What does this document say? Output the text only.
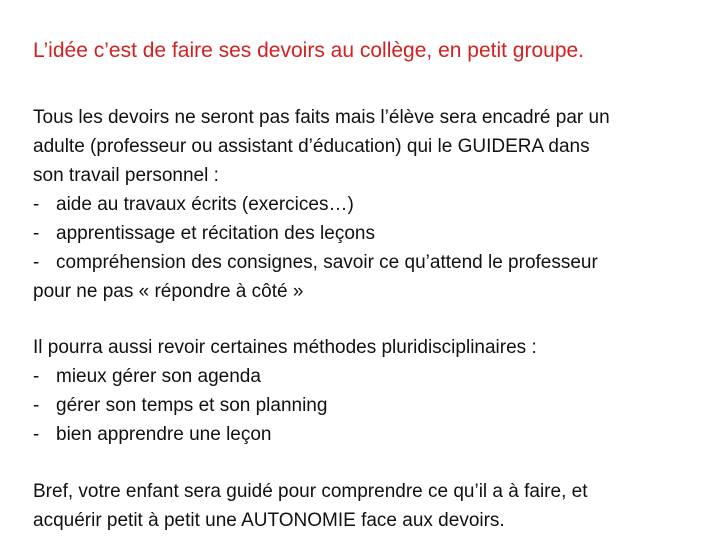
L’idée c’est de faire ses devoirs au collège, en petit groupe.
Tous les devoirs ne seront pas faits mais l’élève sera encadré par un
adulte (professeur ou assistant d’éducation) qui le GUIDERA dans
son travail personnel :
- aide au travaux écrits (exercices…)
- apprentissage et récitation des leçons
- compréhension des consignes, savoir ce qu’attend le professeur
pour ne pas « répondre à côté »
Il pourra aussi revoir certaines méthodes pluridisciplinaires :
- mieux gérer son agenda
- gérer son temps et son planning
- bien apprendre une leçon
Bref, votre enfant sera guidé pour comprendre ce qu’il a à faire, et
acquérir petit à petit une AUTONOMIE face aux devoirs.
